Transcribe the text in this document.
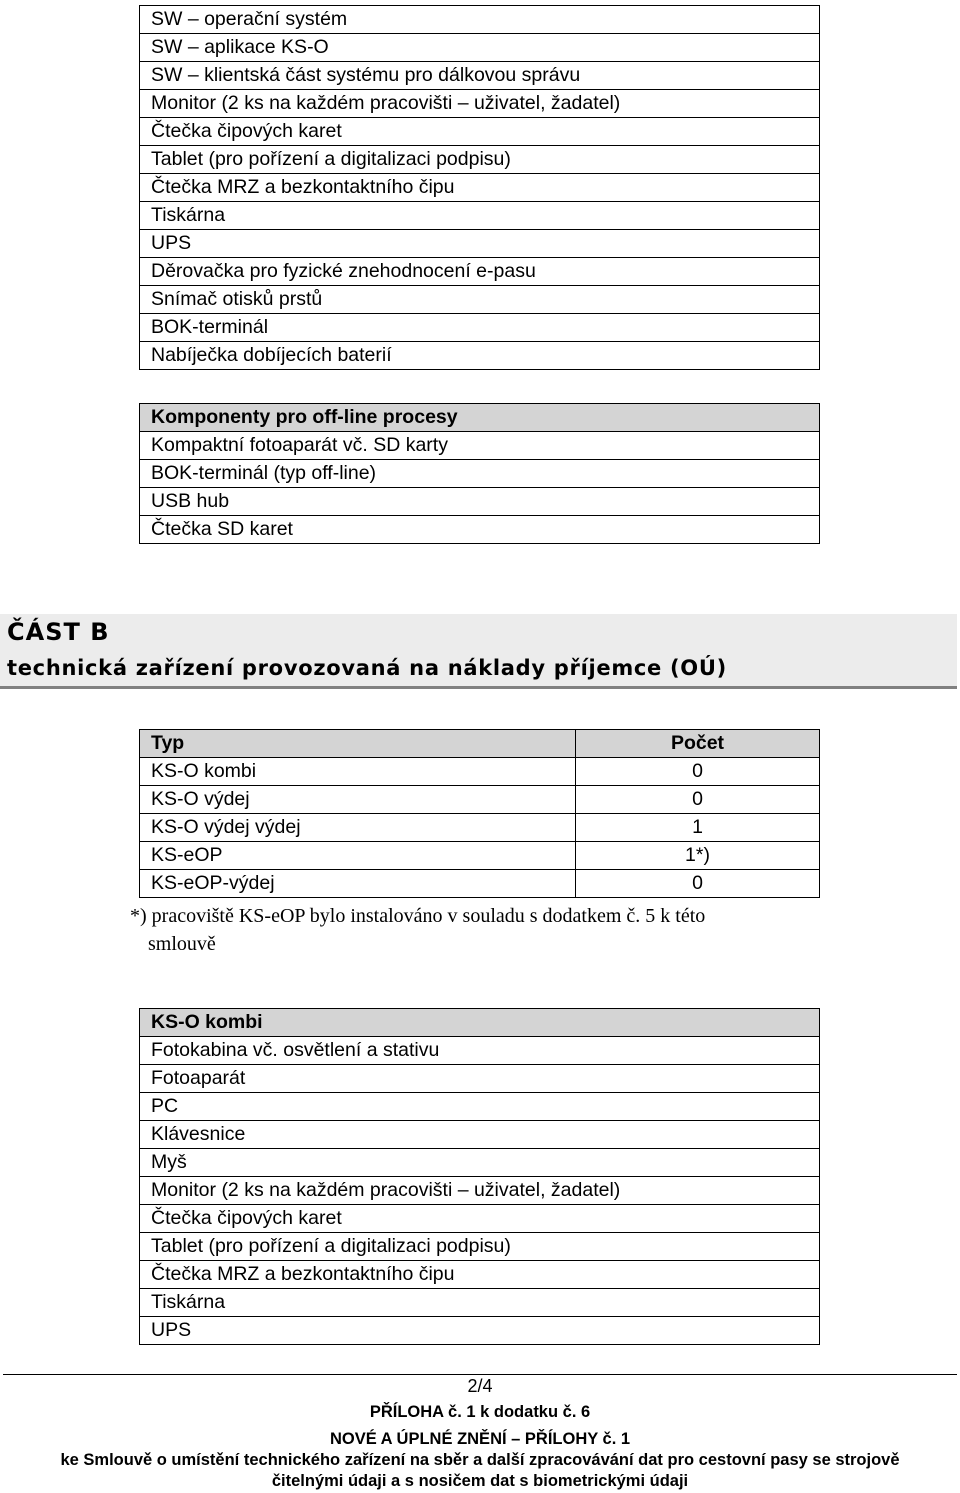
SW – operační systém
SW – aplikace KS-O
SW – klientská část systému pro dálkovou správu
Monitor (2 ks na každém pracovišti – uživatel, žadatel)
Čtečka čipových karet
Tablet (pro pořízení a digitalizaci podpisu)
Čtečka MRZ a bezkontaktního čipu
Tiskárna
UPS
Děrovačka pro fyzické znehodnocení e-pasu
Snímač otisků prstů
BOK-terminál
Nabíječka dobíjecích baterií
Komponenty pro off-line procesy
Kompaktní fotoaparát vč. SD karty
BOK-terminál (typ off-line)
USB hub
Čtečka SD karet
ČÁST B
technická zařízení provozovaná na náklady příjemce (OÚ)
Typ	Počet
KS-O kombi	0
KS-O výdej	0
KS-O výdej výdej	1
KS-eOP	1*)
KS-eOP-výdej	0
*) pracoviště KS-eOP bylo instalováno v souladu s dodatkem č. 5 k této
smlouvě
KS-O kombi
Fotokabina vč. osvětlení a stativu
Fotoaparát
PC
Klávesnice
Myš
Monitor (2 ks na každém pracovišti – uživatel, žadatel)
Čtečka čipových karet
Tablet (pro pořízení a digitalizaci podpisu)
Čtečka MRZ a bezkontaktního čipu
Tiskárna
UPS
2/4
PŘÍLOHA č. 1 k dodatku č. 6
NOVÉ A ÚPLNÉ ZNĚNÍ – PŘÍLOHY č. 1
ke Smlouvě o umístění technického zařízení na sběr a další zpracovávání dat pro cestovní pasy se strojově
čitelnými údaji a s nosičem dat s biometrickými údaji
